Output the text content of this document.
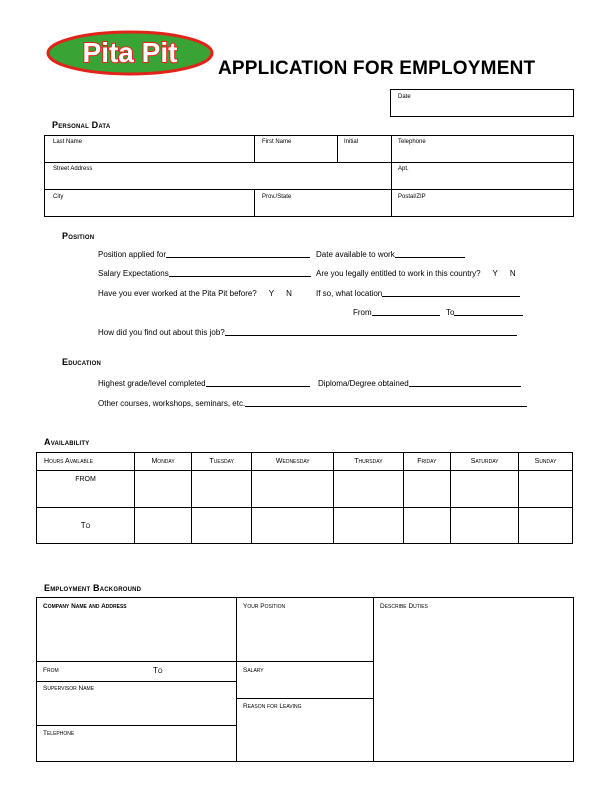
Pita Pit
APPLICATION FOR EMPLOYMENT
Date
Personal Data
Last Name	First Name	Initial	Telephone
Street Address	Apt.
City	Prov./State	Postal/ZIP
Position
Position applied for	Date available to work
Salary Expectations	Are you legally entitled to work in this country? Y N
Have you ever worked at the Pita Pit before? Y N	If so, what location
From	To
How did you find out about this job?
Education
Highest grade/level completed	Diploma/Degree obtained
Other courses, workshops, seminars, etc.
Availability
Hours Available	Monday	Tuesday	Wednesday	Thursday	Friday	Saturday	Sunday
FROM							
To							
Employment Background
Company Name and Address	Your Position	Describe Duties
From	To	Salary
Supervisor Name
Reason for Leaving
Telephone
